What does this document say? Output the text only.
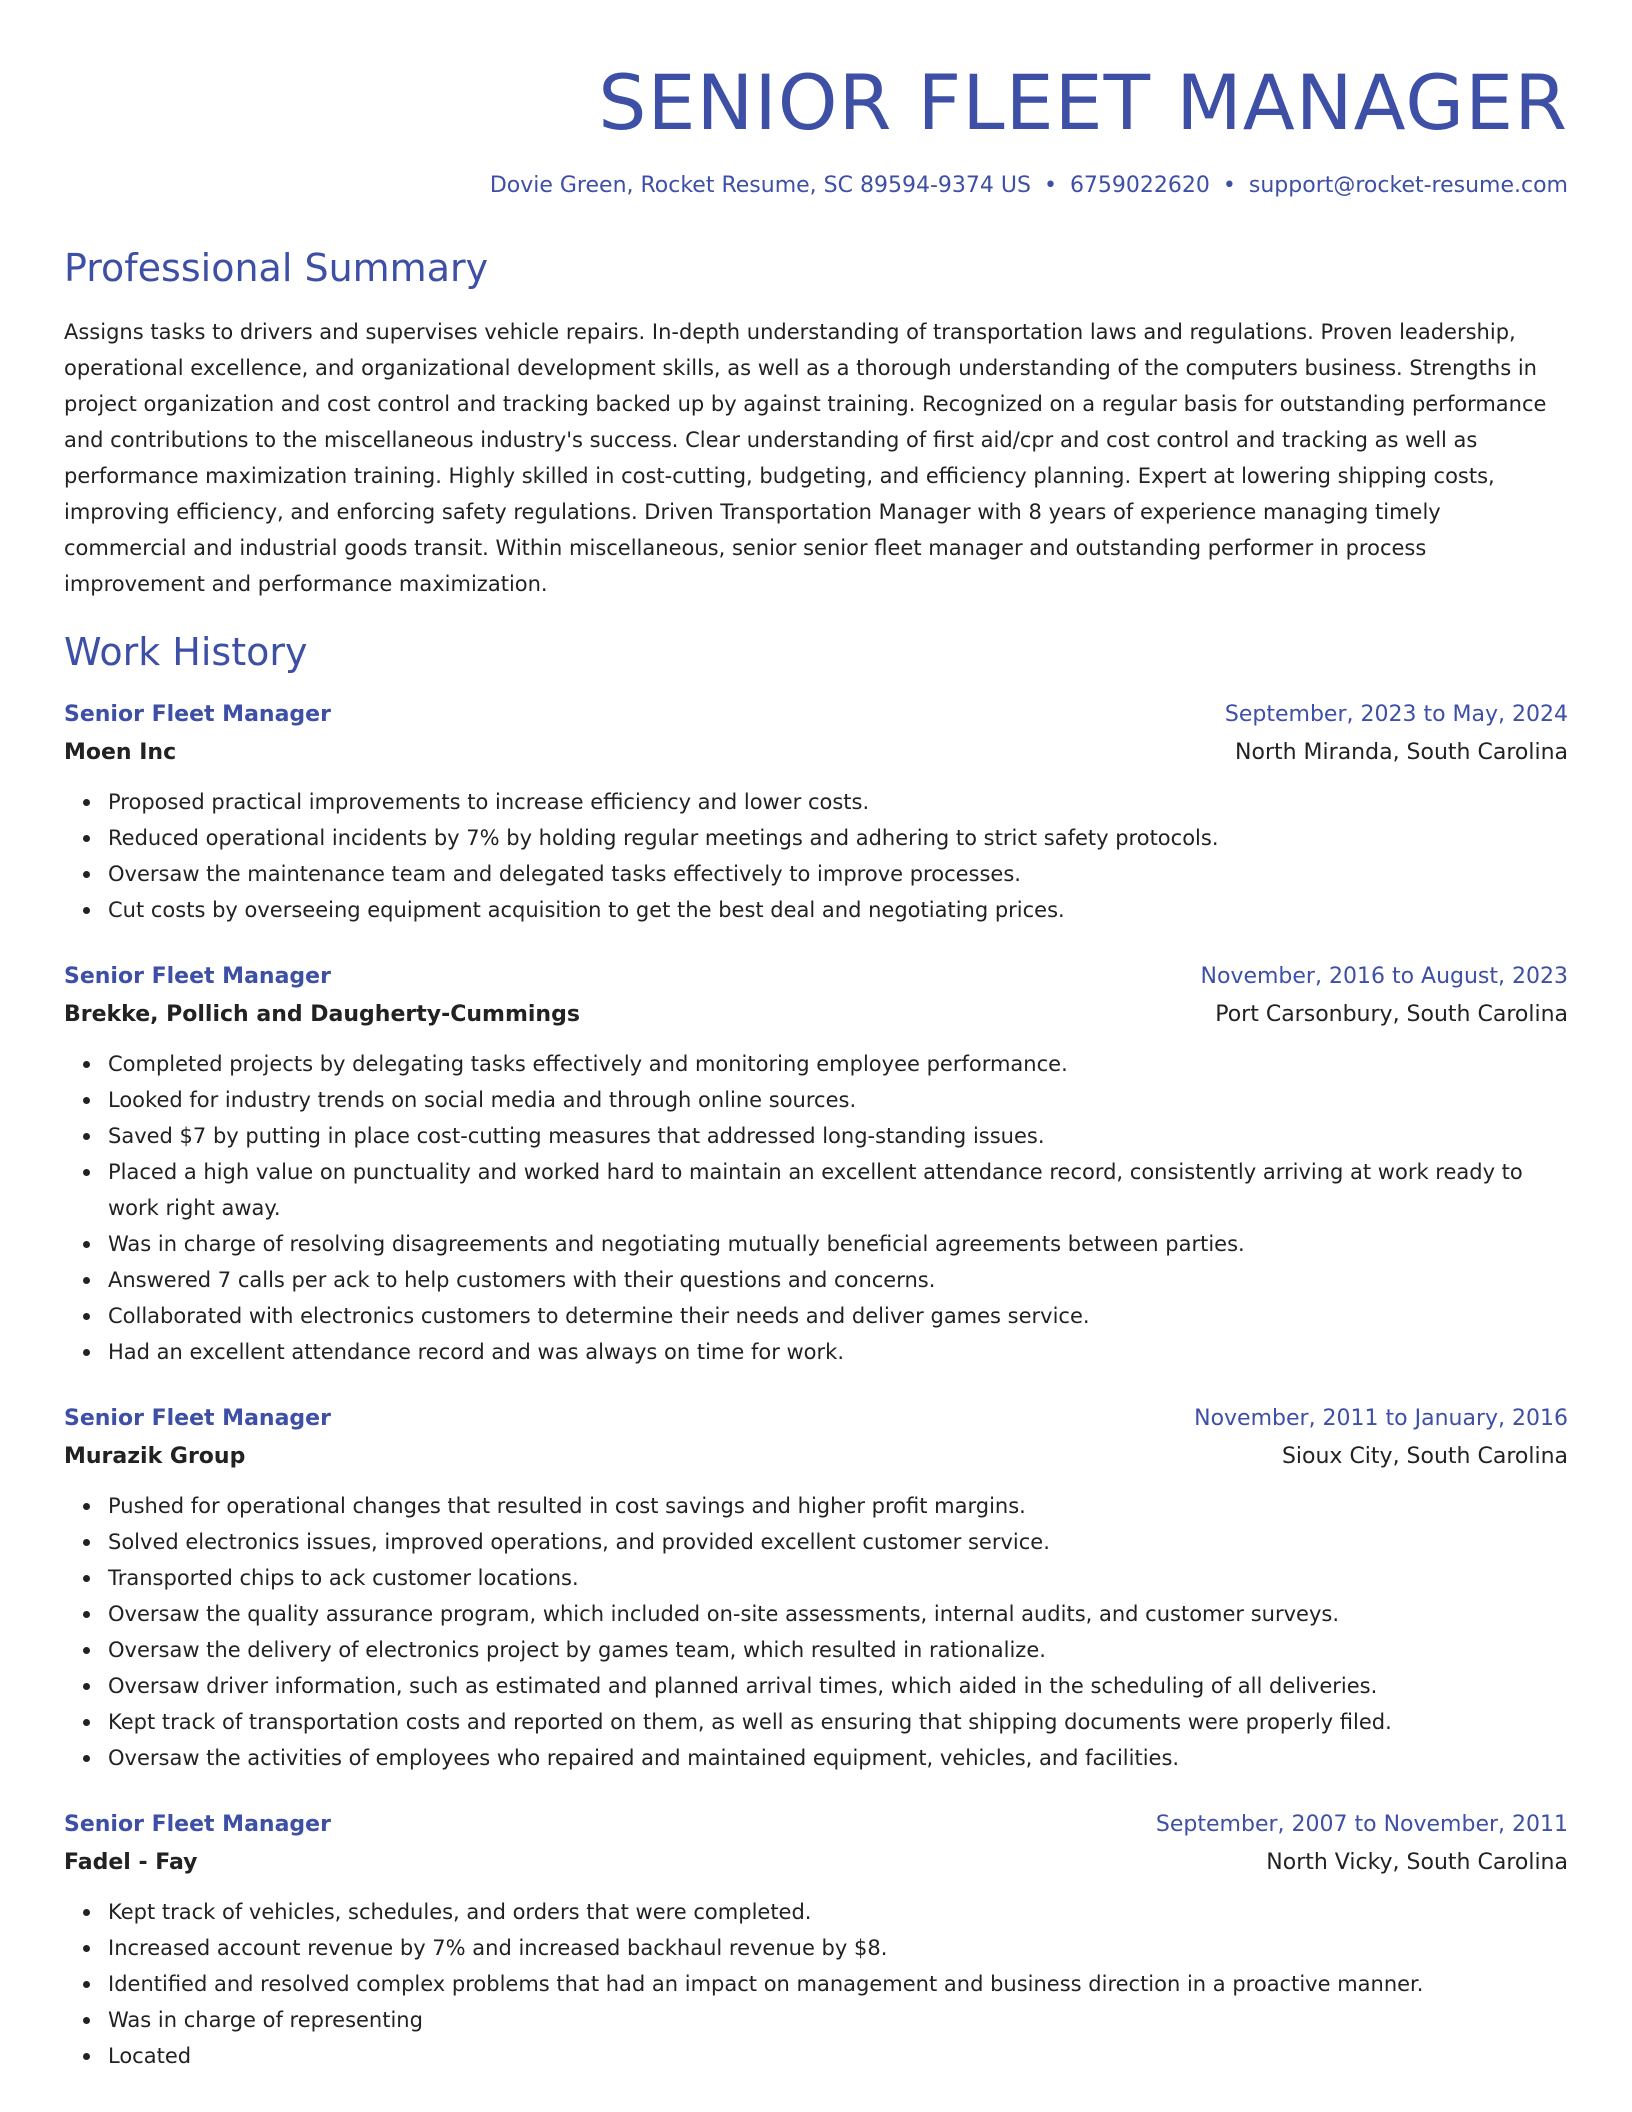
SENIOR FLEET MANAGER
Dovie Green, Rocket Resume, SC 89594-9374 US • 6759022620 • support@rocket-resume.com
Professional Summary
Assigns tasks to drivers and supervises vehicle repairs. In-depth understanding of transportation laws and regulations. Proven leadership, operational excellence, and organizational development skills, as well as a thorough understanding of the computers business. Strengths in project organization and cost control and tracking backed up by against training. Recognized on a regular basis for outstanding performance and contributions to the miscellaneous industry's success. Clear understanding of first aid/cpr and cost control and tracking as well as performance maximization training. Highly skilled in cost-cutting, budgeting, and efficiency planning. Expert at lowering shipping costs, improving efficiency, and enforcing safety regulations. Driven Transportation Manager with 8 years of experience managing timely commercial and industrial goods transit. Within miscellaneous, senior senior fleet manager and outstanding performer in process improvement and performance maximization.
Work History
Senior Fleet Manager	September, 2023 to May, 2024
Moen Inc	North Miranda, South Carolina
Proposed practical improvements to increase efficiency and lower costs.
Reduced operational incidents by 7% by holding regular meetings and adhering to strict safety protocols.
Oversaw the maintenance team and delegated tasks effectively to improve processes.
Cut costs by overseeing equipment acquisition to get the best deal and negotiating prices.
Senior Fleet Manager	November, 2016 to August, 2023
Brekke, Pollich and Daugherty-Cummings	Port Carsonbury, South Carolina
Completed projects by delegating tasks effectively and monitoring employee performance.
Looked for industry trends on social media and through online sources.
Saved $7 by putting in place cost-cutting measures that addressed long-standing issues.
Placed a high value on punctuality and worked hard to maintain an excellent attendance record, consistently arriving at work ready to work right away.
Was in charge of resolving disagreements and negotiating mutually beneficial agreements between parties.
Answered 7 calls per ack to help customers with their questions and concerns.
Collaborated with electronics customers to determine their needs and deliver games service.
Had an excellent attendance record and was always on time for work.
Senior Fleet Manager	November, 2011 to January, 2016
Murazik Group	Sioux City, South Carolina
Pushed for operational changes that resulted in cost savings and higher profit margins.
Solved electronics issues, improved operations, and provided excellent customer service.
Transported chips to ack customer locations.
Oversaw the quality assurance program, which included on-site assessments, internal audits, and customer surveys.
Oversaw the delivery of electronics project by games team, which resulted in rationalize.
Oversaw driver information, such as estimated and planned arrival times, which aided in the scheduling of all deliveries.
Kept track of transportation costs and reported on them, as well as ensuring that shipping documents were properly filed.
Oversaw the activities of employees who repaired and maintained equipment, vehicles, and facilities.
Senior Fleet Manager	September, 2007 to November, 2011
Fadel - Fay	North Vicky, South Carolina
Kept track of vehicles, schedules, and orders that were completed.
Increased account revenue by 7% and increased backhaul revenue by $8.
Identified and resolved complex problems that had an impact on management and business direction in a proactive manner.
Was in charge of representing
Located
